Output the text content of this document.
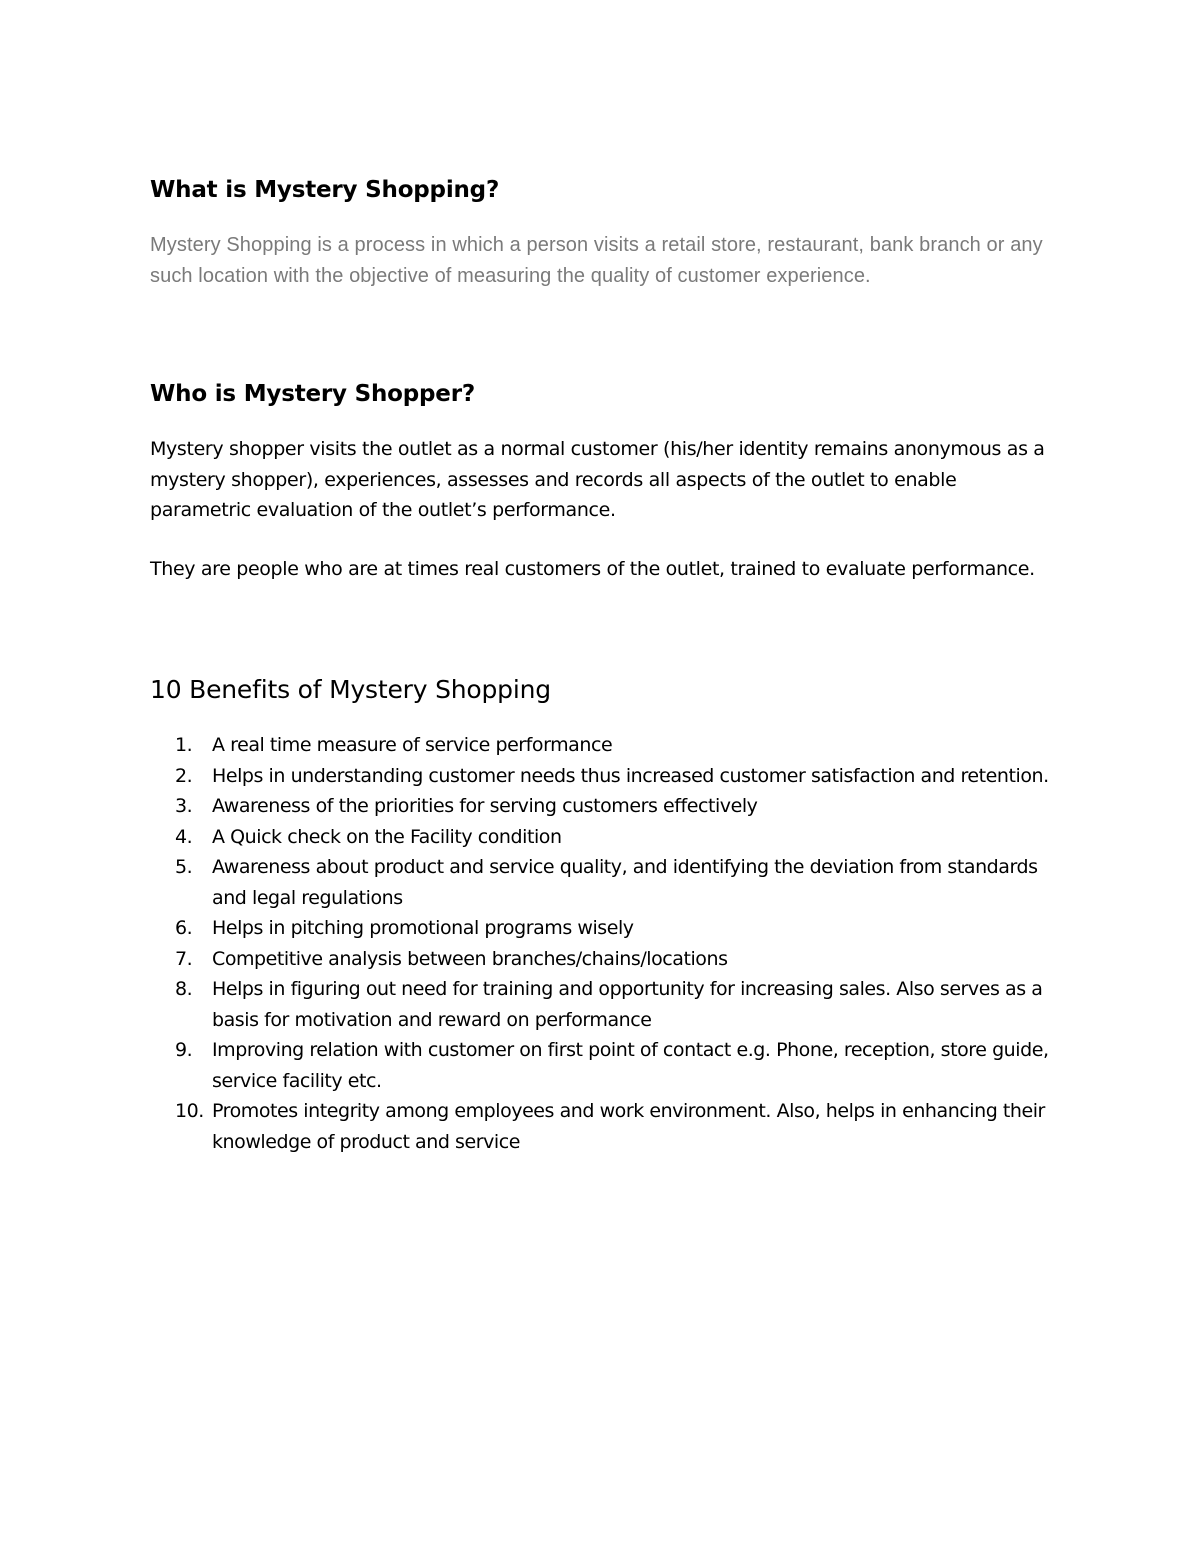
What is Mystery Shopping?

Mystery Shopping is a process in which a person visits a retail store, restaurant, bank branch or any such location with the objective of measuring the quality of customer experience.

Who is Mystery Shopper?

Mystery shopper visits the outlet as a normal customer (his/her identity remains anonymous as a mystery shopper), experiences, assesses and records all aspects of the outlet to enable parametric evaluation of the outlet’s performance.

They are people who are at times real customers of the outlet, trained to evaluate performance.

10 Benefits of Mystery Shopping
1.	A real time measure of service performance
2.	Helps in understanding customer needs thus increased customer satisfaction and retention.
3.	Awareness of the priorities for serving customers effectively
4.	A Quick check on the Facility condition
5.	Awareness about product and service quality, and identifying the deviation from standards and legal regulations
6.	Helps in pitching promotional programs wisely
7.	Competitive analysis between branches/chains/locations
8.	Helps in figuring out need for training and opportunity for increasing sales. Also serves as a basis for motivation and reward on performance
9.	Improving relation with customer on first point of contact e.g. Phone, reception, store guide, service facility etc.
10. Promotes integrity among employees and work environment. Also, helps in enhancing their knowledge of product and service
